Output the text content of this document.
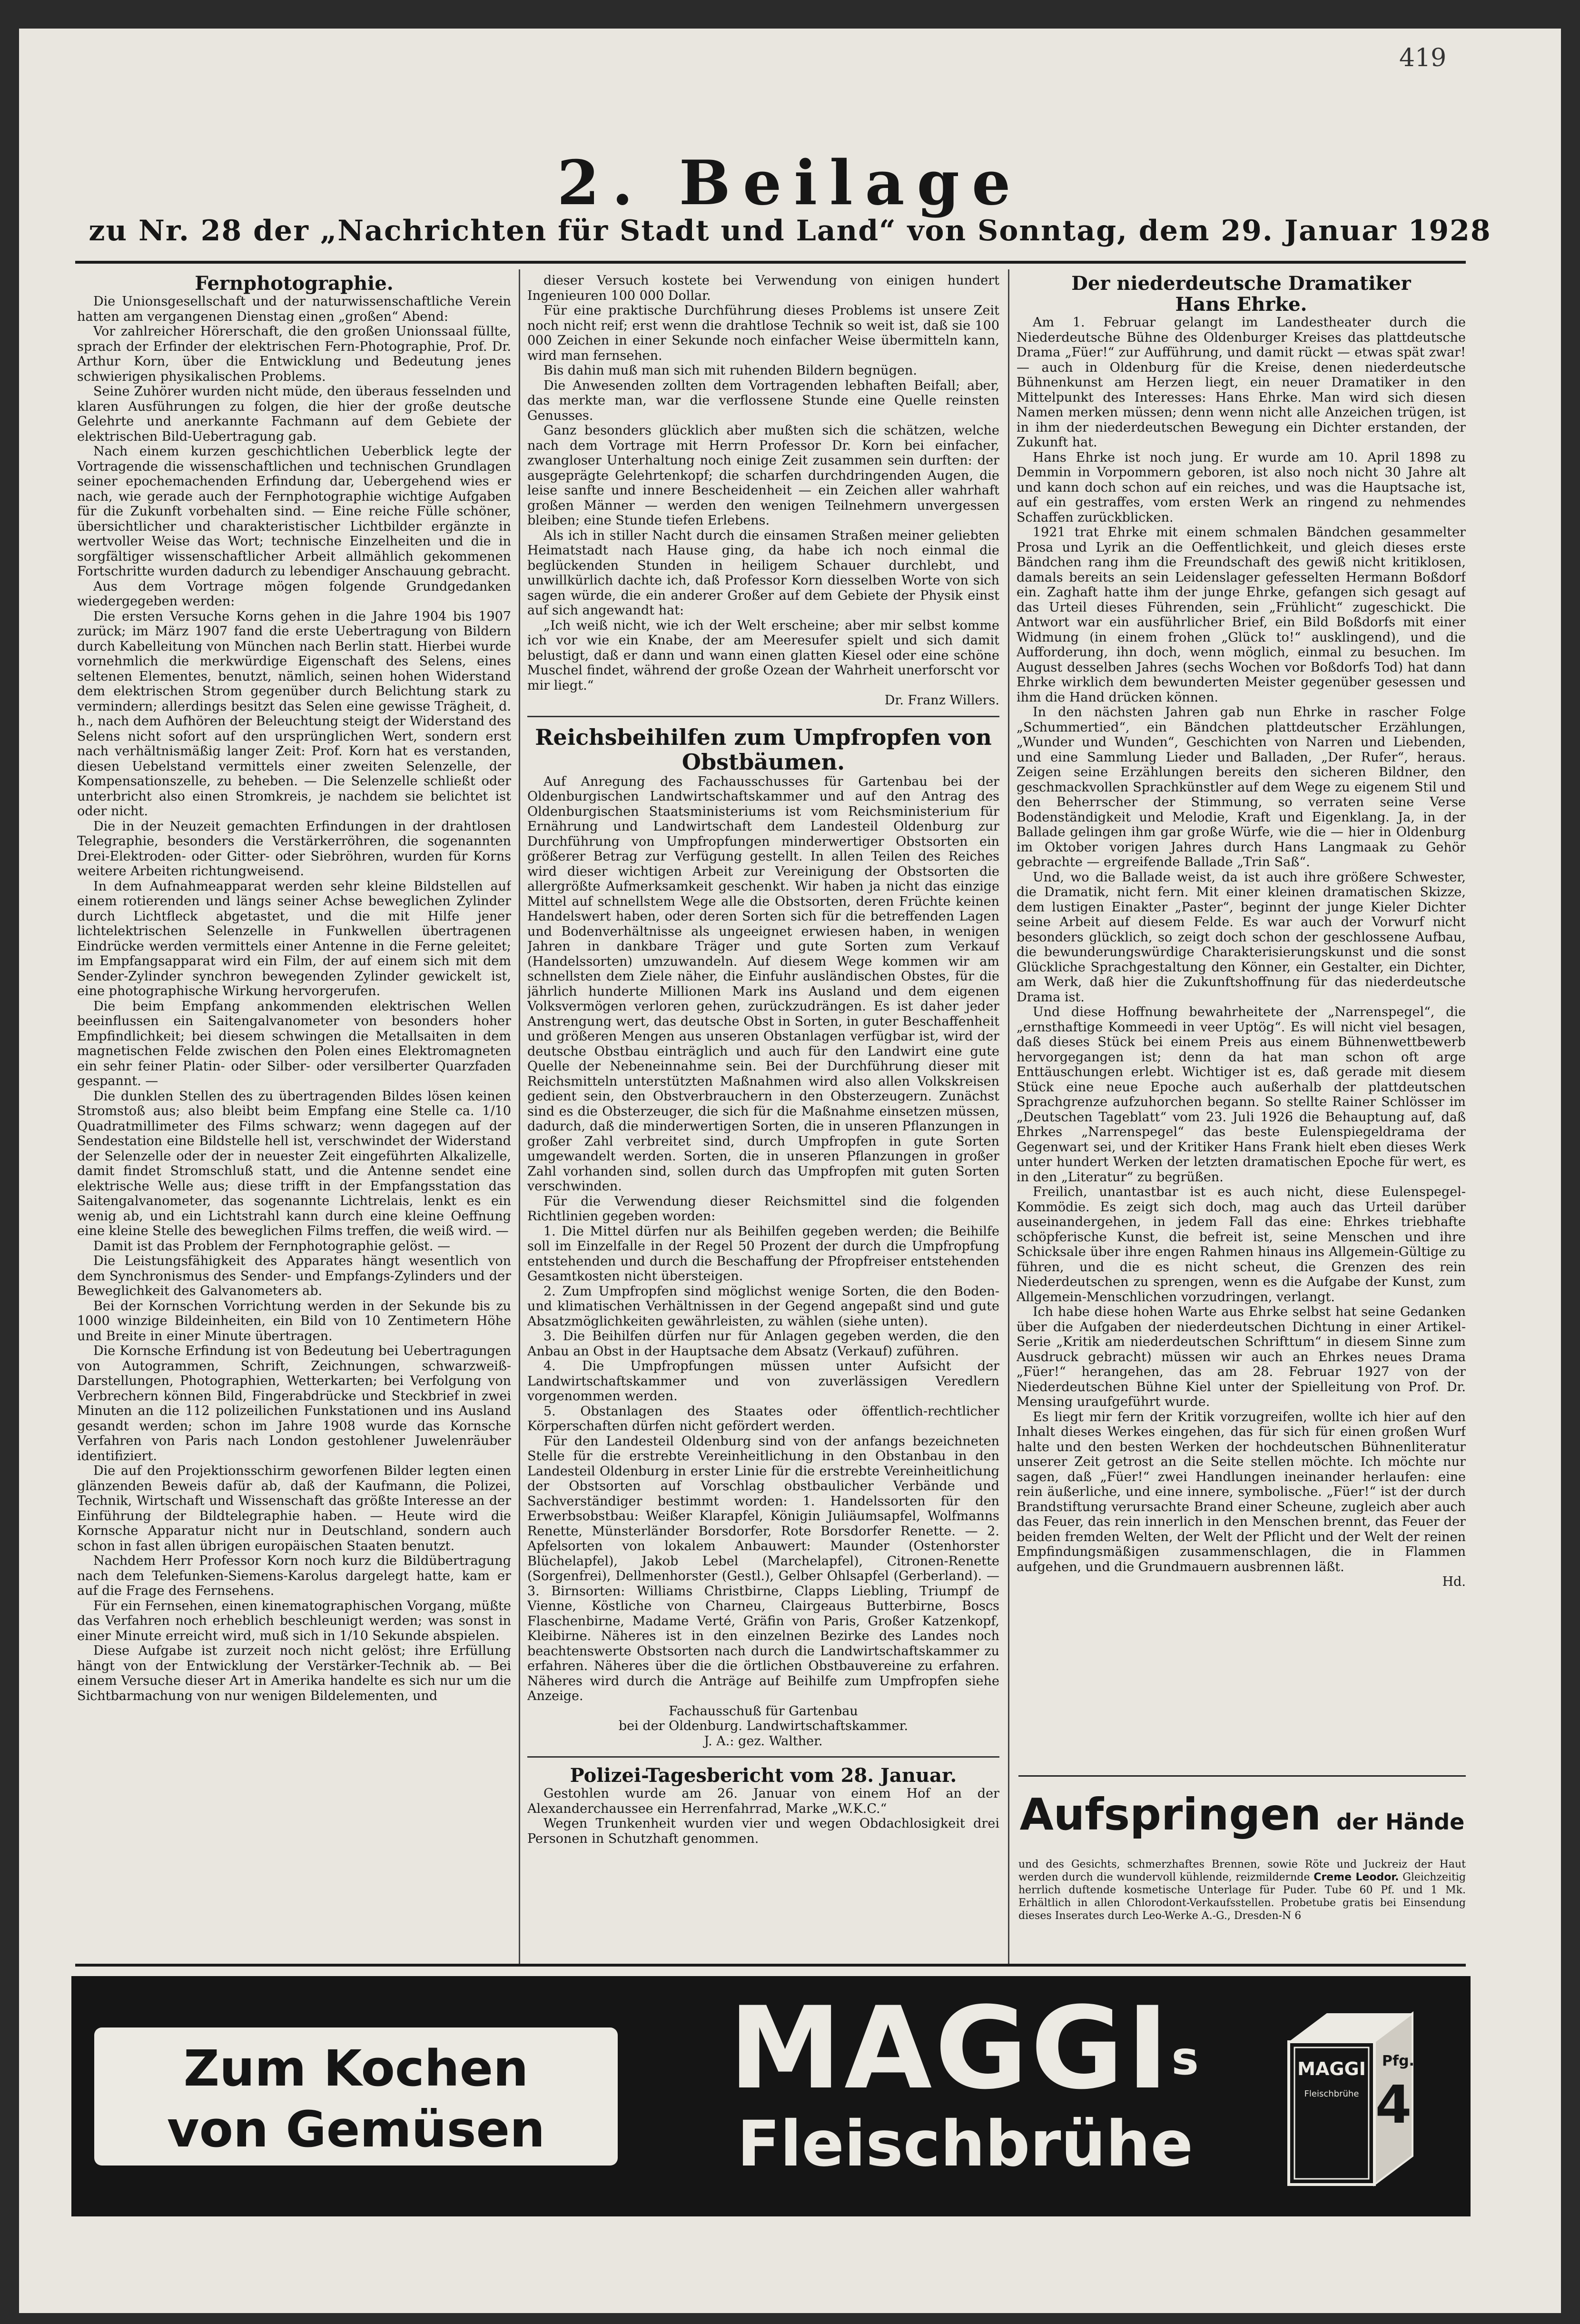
419
2. Beilage
zu Nr. 28 der „Nachrichten für Stadt und Land“ von Sonntag, dem 29. Januar 1928
Fernphotographie.

Die Unionsgesellschaft und der naturwissenschaftliche Verein hatten am vergangenen Dienstag einen „großen“ Abend:

Vor zahlreicher Hörerschaft, die den großen Unionssaal füllte, sprach der Erfinder der elektrischen Fern-Photographie, Prof. Dr. Arthur Korn, über die Entwicklung und Bedeutung jenes schwierigen physikalischen Problems.

Seine Zuhörer wurden nicht müde, den überaus fesselnden und klaren Ausführungen zu folgen, die hier der große deutsche Gelehrte und anerkannte Fachmann auf dem Gebiete der elektrischen Bild-Uebertragung gab.

Nach einem kurzen geschichtlichen Ueberblick legte der Vortragende die wissenschaftlichen und technischen Grundlagen seiner epochemachenden Erfindung dar, Uebergehend wies er nach, wie gerade auch der Fernphotographie wichtige Aufgaben für die Zukunft vorbehalten sind. — Eine reiche Fülle schöner, übersichtlicher und charakteristischer Lichtbilder ergänzte in wertvoller Weise das Wort; technische Einzelheiten und die in sorgfältiger wissenschaftlicher Arbeit allmählich gekommenen Fortschritte wurden dadurch zu lebendiger Anschauung gebracht.

Aus dem Vortrage mögen folgende Grundgedanken wiedergegeben werden:

Die ersten Versuche Korns gehen in die Jahre 1904 bis 1907 zurück; im März 1907 fand die erste Uebertragung von Bildern durch Kabelleitung von München nach Berlin statt. Hierbei wurde vornehmlich die merkwürdige Eigenschaft des Selens, eines seltenen Elementes, benutzt, nämlich, seinen hohen Widerstand dem elektrischen Strom gegenüber durch Belichtung stark zu vermindern; allerdings besitzt das Selen eine gewisse Trägheit, d. h., nach dem Aufhören der Beleuchtung steigt der Widerstand des Selens nicht sofort auf den ursprünglichen Wert, sondern erst nach verhältnismäßig langer Zeit: Prof. Korn hat es verstanden, diesen Uebelstand vermittels einer zweiten Selenzelle, der Kompensationszelle, zu beheben. — Die Selenzelle schließt oder unterbricht also einen Stromkreis, je nachdem sie belichtet ist oder nicht.

Die in der Neuzeit gemachten Erfindungen in der drahtlosen Telegraphie, besonders die Verstärkerröhren, die sogenannten Drei-Elektroden- oder Gitter- oder Siebröhren, wurden für Korns weitere Arbeiten richtungweisend.

In dem Aufnahmeapparat werden sehr kleine Bildstellen auf einem rotierenden und längs seiner Achse beweglichen Zylinder durch Lichtfleck abgetastet, und die mit Hilfe jener lichtelektrischen Selenzelle in Funkwellen übertragenen Eindrücke werden vermittels einer Antenne in die Ferne geleitet; im Empfangsapparat wird ein Film, der auf einem sich mit dem Sender-Zylinder synchron bewegenden Zylinder gewickelt ist, eine photographische Wirkung hervorgerufen.

Die beim Empfang ankommenden elektrischen Wellen beeinflussen ein Saitengalvanometer von besonders hoher Empfindlichkeit; bei diesem schwingen die Metallsaiten in dem magnetischen Felde zwischen den Polen eines Elektromagneten ein sehr feiner Platin- oder Silber- oder versilberter Quarzfaden gespannt. —

Die dunklen Stellen des zu übertragenden Bildes lösen keinen Stromstoß aus; also bleibt beim Empfang eine Stelle ca. 1/10 Quadratmillimeter des Films schwarz; wenn dagegen auf der Sendestation eine Bildstelle hell ist, verschwindet der Widerstand der Selenzelle oder der in neuester Zeit eingeführten Alkalizelle, damit findet Stromschluß statt, und die Antenne sendet eine elektrische Welle aus; diese trifft in der Empfangsstation das Saitengalvanometer, das sogenannte Lichtrelais, lenkt es ein wenig ab, und ein Lichtstrahl kann durch eine kleine Oeffnung eine kleine Stelle des beweglichen Films treffen, die weiß wird. —

Damit ist das Problem der Fernphotographie gelöst. —

Die Leistungsfähigkeit des Apparates hängt wesentlich von dem Synchronismus des Sender- und Empfangs-Zylinders und der Beweglichkeit des Galvanometers ab.

Bei der Kornschen Vorrichtung werden in der Sekunde bis zu 1000 winzige Bildeinheiten, ein Bild von 10 Zentimetern Höhe und Breite in einer Minute übertragen.

Die Kornsche Erfindung ist von Bedeutung bei Uebertragungen von Autogrammen, Schrift, Zeichnungen, schwarzweiß-Darstellungen, Photographien, Wetterkarten; bei Verfolgung von Verbrechern können Bild, Fingerabdrücke und Steckbrief in zwei Minuten an die 112 polizeilichen Funkstationen und ins Ausland gesandt werden; schon im Jahre 1908 wurde das Kornsche Verfahren von Paris nach London gestohlener Juwelenräuber identifiziert.

Die auf den Projektionsschirm geworfenen Bilder legten einen glänzenden Beweis dafür ab, daß der Kaufmann, die Polizei, Technik, Wirtschaft und Wissenschaft das größte Interesse an der Einführung der Bildtelegraphie haben. — Heute wird die Kornsche Apparatur nicht nur in Deutschland, sondern auch schon in fast allen übrigen europäischen Staaten benutzt.

Nachdem Herr Professor Korn noch kurz die Bildübertragung nach dem Telefunken-Siemens-Karolus dargelegt hatte, kam er auf die Frage des Fernsehens.

Für ein Fernsehen, einen kinematographischen Vorgang, müßte das Verfahren noch erheblich beschleunigt werden; was sonst in einer Minute erreicht wird, muß sich in 1/10 Sekunde abspielen.

Diese Aufgabe ist zurzeit noch nicht gelöst; ihre Erfüllung hängt von der Entwicklung der Verstärker-Technik ab. — Bei einem Versuche dieser Art in Amerika handelte es sich nur um die Sichtbarmachung von nur wenigen Bildelementen, und

dieser Versuch kostete bei Verwendung von einigen hundert Ingenieuren 100 000 Dollar.

Für eine praktische Durchführung dieses Problems ist unsere Zeit noch nicht reif; erst wenn die drahtlose Technik so weit ist, daß sie 100 000 Zeichen in einer Sekunde noch einfacher Weise übermitteln kann, wird man fernsehen.

Bis dahin muß man sich mit ruhenden Bildern begnügen.

Die Anwesenden zollten dem Vortragenden lebhaften Beifall; aber, das merkte man, war die verflossene Stunde eine Quelle reinsten Genusses.

Ganz besonders glücklich aber mußten sich die schätzen, welche nach dem Vortrage mit Herrn Professor Dr. Korn bei einfacher, zwangloser Unterhaltung noch einige Zeit zusammen sein durften: der ausgeprägte Gelehrtenkopf; die scharfen durchdringenden Augen, die leise sanfte und innere Bescheidenheit — ein Zeichen aller wahrhaft großen Männer — werden den wenigen Teilnehmern unvergessen bleiben; eine Stunde tiefen Erlebens.

Als ich in stiller Nacht durch die einsamen Straßen meiner geliebten Heimatstadt nach Hause ging, da habe ich noch einmal die beglückenden Stunden in heiligem Schauer durchlebt, und unwillkürlich dachte ich, daß Professor Korn diesselben Worte von sich sagen würde, die ein anderer Großer auf dem Gebiete der Physik einst auf sich angewandt hat:

„Ich weiß nicht, wie ich der Welt erscheine; aber mir selbst komme ich vor wie ein Knabe, der am Meeresufer spielt und sich damit belustigt, daß er dann und wann einen glatten Kiesel oder eine schöne Muschel findet, während der große Ozean der Wahrheit unerforscht vor mir liegt.“

Dr. Franz Willers.

Reichsbeihilfen zum Umpfropfen von Obstbäumen.

Auf Anregung des Fachausschusses für Gartenbau bei der Oldenburgischen Landwirtschaftskammer und auf den Antrag des Oldenburgischen Staatsministeriums ist vom Reichsministerium für Ernährung und Landwirtschaft dem Landesteil Oldenburg zur Durchführung von Umpfropfungen minderwertiger Obstsorten ein größerer Betrag zur Verfügung gestellt. In allen Teilen des Reiches wird dieser wichtigen Arbeit zur Vereinigung der Obstsorten die allergrößte Aufmerksamkeit geschenkt. Wir haben ja nicht das einzige Mittel auf schnellstem Wege alle die Obstsorten, deren Früchte keinen Handelswert haben, oder deren Sorten sich für die betreffenden Lagen und Bodenverhältnisse als ungeeignet erwiesen haben, in wenigen Jahren in dankbare Träger und gute Sorten zum Verkauf (Handelssorten) umzuwandeln. Auf diesem Wege kommen wir am schnellsten dem Ziele näher, die Einfuhr ausländischen Obstes, für die jährlich hunderte Millionen Mark ins Ausland und dem eigenen Volksvermögen verloren gehen, zurückzudrängen. Es ist daher jeder Anstrengung wert, das deutsche Obst in Sorten, in guter Beschaffenheit und größeren Mengen aus unseren Obstanlagen verfügbar ist, wird der deutsche Obstbau einträglich und auch für den Landwirt eine gute Quelle der Nebeneinnahme sein. Bei der Durchführung dieser mit Reichsmitteln unterstützten Maßnahmen wird also allen Volkskreisen gedient sein, den Obstverbrauchern in den Obsterzeugern. Zunächst sind es die Obsterzeuger, die sich für die Maßnahme einsetzen müssen, dadurch, daß die minderwertigen Sorten, die in unseren Pflanzungen in großer Zahl verbreitet sind, durch Umpfropfen in gute Sorten umgewandelt werden. Sorten, die in unseren Pflanzungen in großer Zahl vorhanden sind, sollen durch das Umpfropfen mit guten Sorten verschwinden.

Für die Verwendung dieser Reichsmittel sind die folgenden Richtlinien gegeben worden:

1. Die Mittel dürfen nur als Beihilfen gegeben werden; die Beihilfe soll im Einzelfalle in der Regel 50 Prozent der durch die Umpfropfung entstehenden und durch die Beschaffung der Pfropfreiser entstehenden Gesamtkosten nicht übersteigen.

2. Zum Umpfropfen sind möglichst wenige Sorten, die den Boden- und klimatischen Verhältnissen in der Gegend angepaßt sind und gute Absatzmöglichkeiten gewährleisten, zu wählen (siehe unten).

3. Die Beihilfen dürfen nur für Anlagen gegeben werden, die den Anbau an Obst in der Hauptsache dem Absatz (Verkauf) zuführen.

4. Die Umpfropfungen müssen unter Aufsicht der Landwirtschaftskammer und von zuverlässigen Veredlern vorgenommen werden.

5. Obstanlagen des Staates oder öffentlich-rechtlicher Körperschaften dürfen nicht gefördert werden.

Für den Landesteil Oldenburg sind von der anfangs bezeichneten Stelle für die erstrebte Vereinheitlichung in den Obstanbau in den Landesteil Oldenburg in erster Linie für die erstrebte Vereinheitlichung der Obstsorten auf Vorschlag obstbaulicher Verbände und Sachverständiger bestimmt worden: 1. Handelssorten für den Erwerbsobstbau: Weißer Klarapfel, Königin Juliäumsapfel, Wolfmanns Renette, Münsterländer Borsdorfer, Rote Borsdorfer Renette. — 2. Apfelsorten von lokalem Anbauwert: Maunder (Ostenhorster Blüchelapfel), Jakob Lebel (Marchelapfel), Citronen-Renette (Sorgenfrei), Dellmenhorster (Gestl.), Gelber Ohlsapfel (Gerberland). — 3. Birnsorten: Williams Christbirne, Clapps Liebling, Triumpf de Vienne, Köstliche von Charneu, Clairgeaus Butterbirne, Boscs Flaschenbirne, Madame Verté, Gräfin von Paris, Großer Katzenkopf, Kleibirne. Näheres ist in den einzelnen Bezirke des Landes noch beachtenswerte Obstsorten nach durch die Landwirtschaftskammer zu erfahren. Näheres über die die örtlichen Obstbauvereine zu erfahren. Näheres wird durch die Anträge auf Beihilfe zum Umpfropfen siehe Anzeige.

Fachausschuß für Gartenbau

bei der Oldenburg. Landwirtschaftskammer.

J. A.: gez. Walther.

Polizei-Tagesbericht vom 28. Januar.

Gestohlen wurde am 26. Januar von einem Hof an der Alexanderchaussee ein Herrenfahrrad, Marke „W.K.C.“

Wegen Trunkenheit wurden vier und wegen Obdachlosigkeit drei Personen in Schutzhaft genommen.

Der niederdeutsche Dramatiker
Hans Ehrke.

Am 1. Februar gelangt im Landestheater durch die Niederdeutsche Bühne des Oldenburger Kreises das plattdeutsche Drama „Füer!“ zur Aufführung, und damit rückt — etwas spät zwar! — auch in Oldenburg für die Kreise, denen niederdeutsche Bühnenkunst am Herzen liegt, ein neuer Dramatiker in den Mittelpunkt des Interesses: Hans Ehrke. Man wird sich diesen Namen merken müssen; denn wenn nicht alle Anzeichen trügen, ist in ihm der niederdeutschen Bewegung ein Dichter erstanden, der Zukunft hat.

Hans Ehrke ist noch jung. Er wurde am 10. April 1898 zu Demmin in Vorpommern geboren, ist also noch nicht 30 Jahre alt und kann doch schon auf ein reiches, und was die Hauptsache ist, auf ein gestraffes, vom ersten Werk an ringend zu nehmendes Schaffen zurückblicken.

1921 trat Ehrke mit einem schmalen Bändchen gesammelter Prosa und Lyrik an die Oeffentlichkeit, und gleich dieses erste Bändchen rang ihm die Freundschaft des gewiß nicht kritiklosen, damals bereits an sein Leidenslager gefesselten Hermann Boßdorf ein. Zaghaft hatte ihm der junge Ehrke, gefangen sich gesagt auf das Urteil dieses Führenden, sein „Frühlicht“ zugeschickt. Die Antwort war ein ausführlicher Brief, ein Bild Boßdorfs mit einer Widmung (in einem frohen „Glück to!“ ausklingend), und die Aufforderung, ihn doch, wenn möglich, einmal zu besuchen. Im August desselben Jahres (sechs Wochen vor Boßdorfs Tod) hat dann Ehrke wirklich dem bewunderten Meister gegenüber gesessen und ihm die Hand drücken können.

In den nächsten Jahren gab nun Ehrke in rascher Folge „Schummertied“, ein Bändchen plattdeutscher Erzählungen, „Wunder und Wunden“, Geschichten von Narren und Liebenden, und eine Sammlung Lieder und Balladen, „Der Rufer“, heraus. Zeigen seine Erzählungen bereits den sicheren Bildner, den geschmackvollen Sprachkünstler auf dem Wege zu eigenem Stil und den Beherrscher der Stimmung, so verraten seine Verse Bodenständigkeit und Melodie, Kraft und Eigenklang. Ja, in der Ballade gelingen ihm gar große Würfe, wie die — hier in Oldenburg im Oktober vorigen Jahres durch Hans Langmaak zu Gehör gebrachte — ergreifende Ballade „Trin Saß“.

Und, wo die Ballade weist, da ist auch ihre größere Schwester, die Dramatik, nicht fern. Mit einer kleinen dramatischen Skizze, dem lustigen Einakter „Paster“, beginnt der junge Kieler Dichter seine Arbeit auf diesem Felde. Es war auch der Vorwurf nicht besonders glücklich, so zeigt doch schon der geschlossene Aufbau, die bewunderungswürdige Charakterisierungskunst und die sonst Glückliche Sprachgestaltung den Könner, ein Gestalter, ein Dichter, am Werk, daß hier die Zukunftshoffnung für das niederdeutsche Drama ist.

Und diese Hoffnung bewahrheitete der „Narrenspegel“, die „ernsthaftige Kommeedi in veer Uptög“. Es will nicht viel besagen, daß dieses Stück bei einem Preis aus einem Bühnenwettbewerb hervorgegangen ist; denn da hat man schon oft arge Enttäuschungen erlebt. Wichtiger ist es, daß gerade mit diesem Stück eine neue Epoche auch außerhalb der plattdeutschen Sprachgrenze aufzuhorchen begann. So stellte Rainer Schlösser im „Deutschen Tageblatt“ vom 23. Juli 1926 die Behauptung auf, daß Ehrkes „Narrenspegel“ das beste Eulenspiegeldrama der Gegenwart sei, und der Kritiker Hans Frank hielt eben dieses Werk unter hundert Werken der letzten dramatischen Epoche für wert, es in den „Literatur“ zu begrüßen.

Freilich, unantastbar ist es auch nicht, diese Eulenspegel-Kommödie. Es zeigt sich doch, mag auch das Urteil darüber auseinandergehen, in jedem Fall das eine: Ehrkes triebhafte schöpferische Kunst, die befreit ist, seine Menschen und ihre Schicksale über ihre engen Rahmen hinaus ins Allgemein-Gültige zu führen, und die es nicht scheut, die Grenzen des rein Niederdeutschen zu sprengen, wenn es die Aufgabe der Kunst, zum Allgemein-Menschlichen vorzudringen, verlangt.

Ich habe diese hohen Warte aus Ehrke selbst hat seine Gedanken über die Aufgaben der niederdeutschen Dichtung in einer Artikel-Serie „Kritik am niederdeutschen Schrifttum“ in diesem Sinne zum Ausdruck gebracht) müssen wir auch an Ehrkes neues Drama „Füer!“ herangehen, das am 28. Februar 1927 von der Niederdeutschen Bühne Kiel unter der Spielleitung von Prof. Dr. Mensing uraufgeführt wurde.

Es liegt mir fern der Kritik vorzugreifen, wollte ich hier auf den Inhalt dieses Werkes eingehen, das für sich für einen großen Wurf halte und den besten Werken der hochdeutschen Bühnenliteratur unserer Zeit getrost an die Seite stellen möchte. Ich möchte nur sagen, daß „Füer!“ zwei Handlungen ineinander herlaufen: eine rein äußerliche, und eine innere, symbolische. „Füer!“ ist der durch Brandstiftung verursachte Brand einer Scheune, zugleich aber auch das Feuer, das rein innerlich in den Menschen brennt, das Feuer der beiden fremden Welten, der Welt der Pflicht und der Welt der reinen Empfindungsmäßigen zusammenschlagen, die in Flammen aufgehen, und die Grundmauern ausbrennen läßt.

Hd.

Aufspringen der Hände
und des Gesichts, schmerzhaftes Brennen, sowie Röte und Juckreiz der Haut werden durch die wundervoll kühlende, reizmildernde Creme Leodor. Gleichzeitig herrlich duftende kosmetische Unterlage für Puder. Tube 60 Pf. und 1 Mk. Erhältlich in allen Chlorodont-Verkaufsstellen. Probetube gratis bei Einsendung dieses Inserates durch Leo-Werke A.-G., Dresden-N 6
Zum Kochen
von Gemüsen
MAGGI$^s$
Fleischbrühe
MAGGI
Fleischbrühe 4
Pfg.
